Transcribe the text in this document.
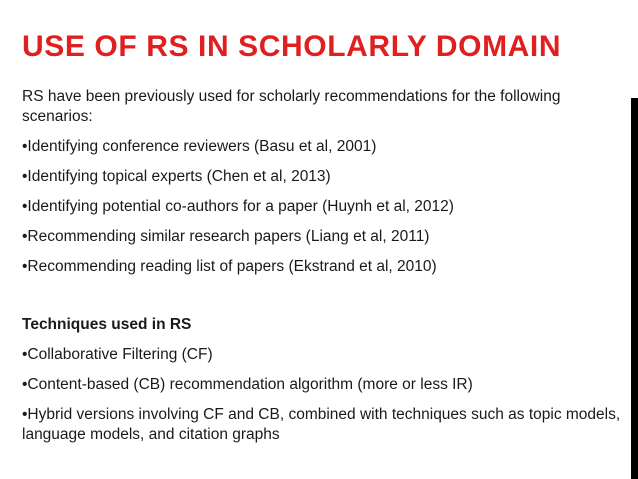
USE OF RS IN SCHOLARLY DOMAIN

RS have been previously used for scholarly recommendations for the following scenarios:

•Identifying conference reviewers (Basu et al, 2001)

•Identifying topical experts (Chen et al, 2013)

•Identifying potential co-authors for a paper (Huynh et al, 2012)

•Recommending similar research papers (Liang et al, 2011)

•Recommending reading list of papers (Ekstrand et al, 2010)

Techniques used in RS

•Collaborative Filtering (CF)

•Content-based (CB) recommendation algorithm (more or less IR)

•Hybrid versions involving CF and CB, combined with techniques such as topic models, language models, and citation graphs
